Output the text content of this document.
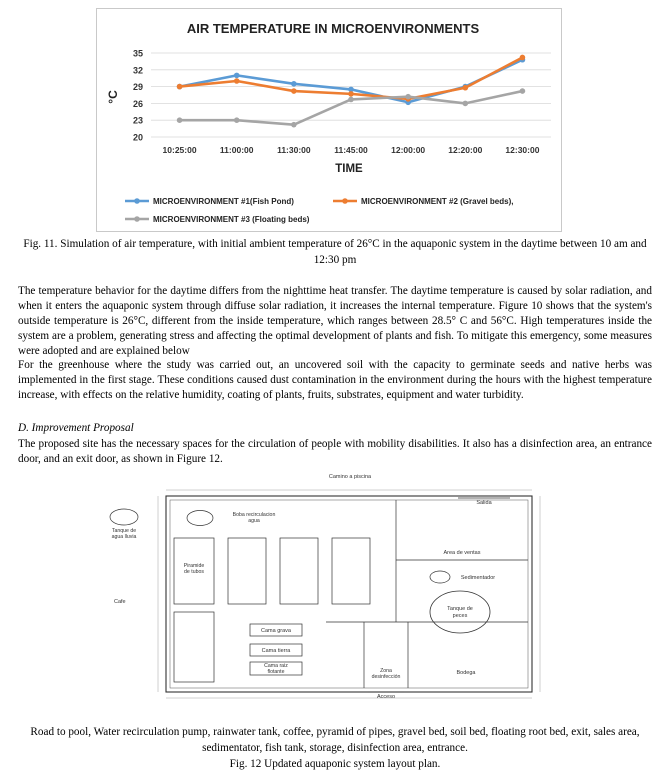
AIR TEMPERATURE IN MICROENVIRONMENTS
°C
TIME
35
32
29
26
23
20
10:25:00	11:00:00	11:30:00	11:45:00	12:00:00	12:20:00	12:30:00
MICROENVIRONMENT #1(Fish Pond)	MICROENVIRONMENT #2 (Gravel beds),
MICROENVIRONMENT #3 (Floating beds)
Fig. 11. Simulation of air temperature, with initial ambient temperature of 26°C in the aquaponic system in the daytime between 10 am and 12:30 pm

The temperature behavior for the daytime differs from the nighttime heat transfer. The daytime temperature is caused by solar radiation, and when it enters the aquaponic system through diffuse solar radiation, it increases the internal temperature. Figure 10 shows that the system's outside temperature is 26°C, different from the inside temperature, which ranges between 28.5° C and 56°C. High temperatures inside the system are a problem, generating stress and affecting the optimal development of plants and fish. To mitigate this emergency, some measures were adopted and are explained below

For the greenhouse where the study was carried out, an uncovered soil with the capacity to germinate seeds and native herbs was implemented in the first stage. These conditions caused dust contamination in the environment during the hours with the highest temperature increase, with effects on the relative humidity, coating of plants, fruits, substrates, equipment and water turbidity.

D. Improvement Proposal

The proposed site has the necessary spaces for the circulation of people with mobility disabilities. It also has a disinfection area, an entrance door, and an exit door, as shown in Figure 12.

Camino a piscina
Salida
Tanque de
agua lluvia
Cafe
Boba recirculacion
agua
Piramide
de tubos
Cama grava
Cama tierra
Cama raiz
flotante
Area de ventas
Sedimentador
Tanque de
peces
Bodega
Zona
desinfección
Acceso
Road to pool, Water recirculation pump, rainwater tank, coffee, pyramid of pipes, gravel bed, soil bed, floating root bed, exit, sales area, sedimentator, fish tank, storage, disinfection area, entrance.
Fig. 12 Updated aquaponic system layout plan.
